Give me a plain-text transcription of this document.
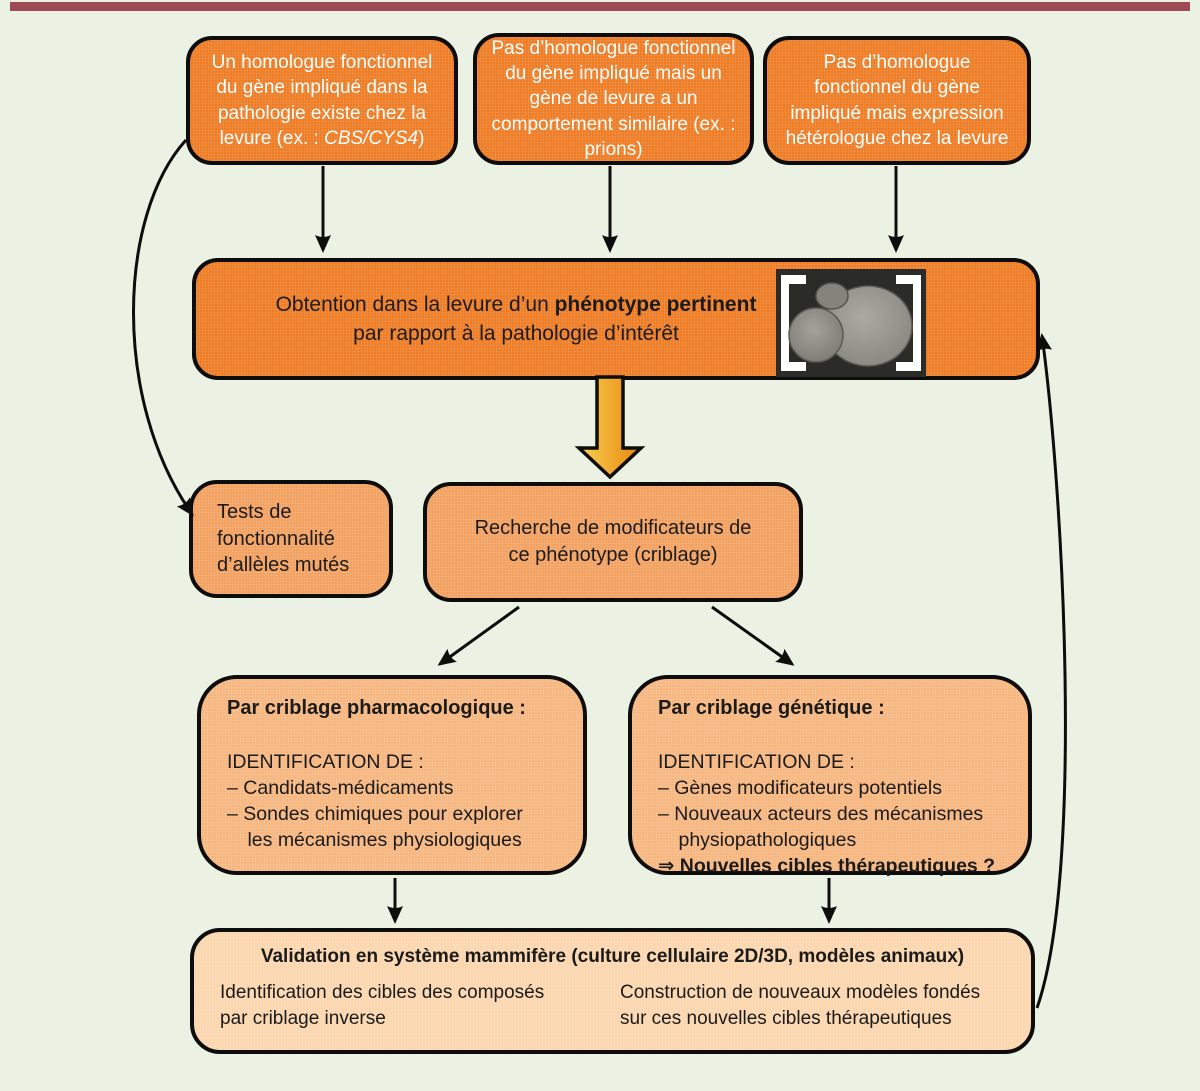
Un homologue fonctionnel du gène impliqué dans la pathologie existe chez la levure (ex. : CBS/CYS4)

Pas d’homologue fonctionnel du gène impliqué mais un gène de levure a un comportement similaire (ex. : prions)

Pas d’homologue fonctionnel du gène impliqué mais expression hétérologue chez la levure

Obtention dans la levure d’un phénotype pertinent
par rapport à la pathologie d’intérêt

Tests de fonctionnalité d’allèles mutés

Recherche de modificateurs de ce phénotype (criblage)

Par criblage pharmacologique :

IDENTIFICATION DE :

– Candidats-médicaments
– Sondes chimiques pour explorer les mécanismes physiologiques

Par criblage génétique :

IDENTIFICATION DE :

– Gènes modificateurs potentiels
– Nouveaux acteurs des mécanismes physiopathologiques
⇒ Nouvelles cibles thérapeutiques ?

Validation en système mammifère (culture cellulaire 2D/3D, modèles animaux)

Identification des cibles des composés par criblage inverse
Construction de nouveaux modèles fondés sur ces nouvelles cibles thérapeutiques
